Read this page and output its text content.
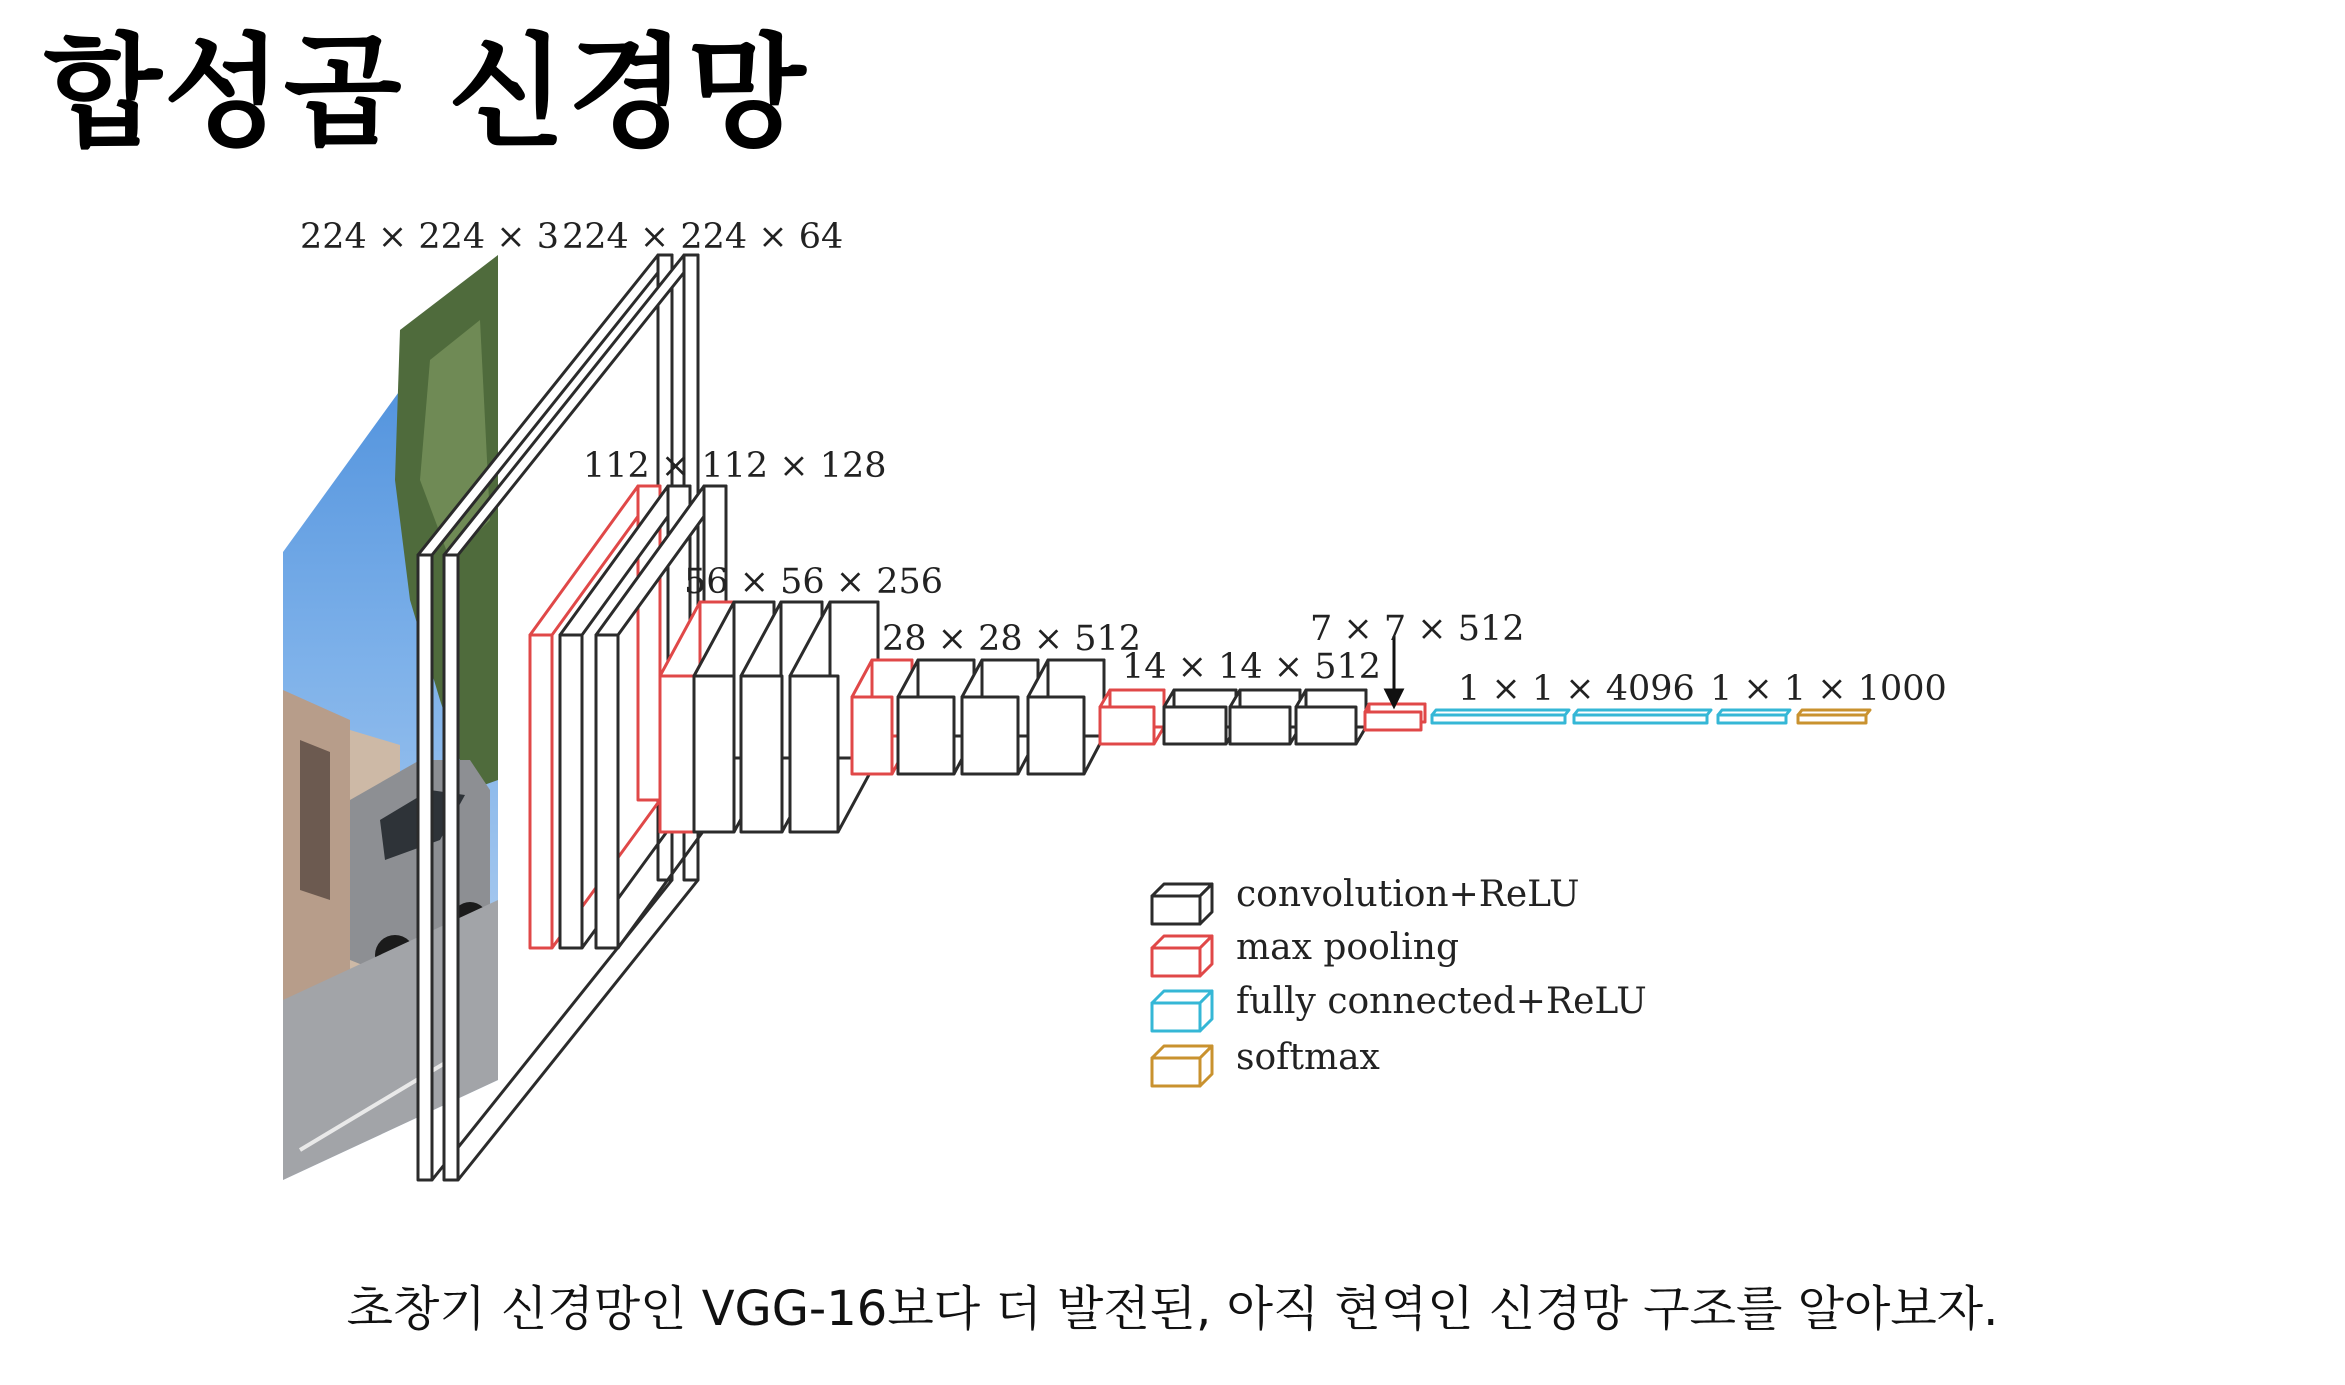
합성곱 신경망
224 × 224 × 3 224 × 224 × 64
112 × 112 × 128
56 × 56 × 256
28 × 28 × 512
14 × 14 × 512
7 × 7 × 512
1 × 1 × 4096 1 × 1 × 1000
convolution+ReLU
max pooling
fully connected+ReLU
softmax
초창기 신경망인 VGG-16보다 더 발전된, 아직 현역인 신경망 구조를 알아보자.
